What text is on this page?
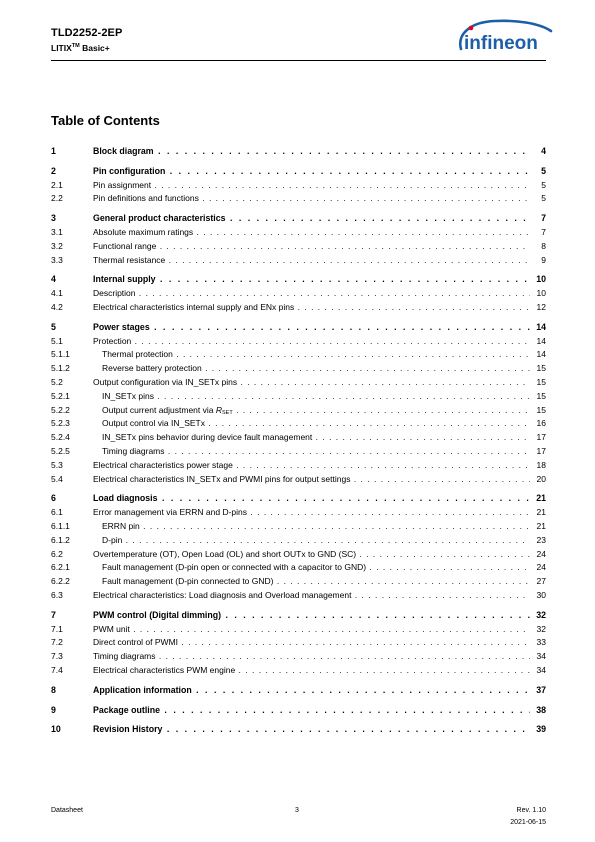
TLD2252-2EP
LITIX™ Basic+	infineon
Table of Contents
1	Block diagram . . .	4
2	Pin configuration . . .	5
2.1	Pin assignment . . .	5
2.2	Pin definitions and functions . . .	5
3	General product characteristics . . .	7
3.1	Absolute maximum ratings . . .	7
3.2	Functional range . . .	8
3.3	Thermal resistance . . .	9
4	Internal supply . . .	10
4.1	Description . . .	10
4.2	Electrical characteristics internal supply and ENx pins . . .	12
5	Power stages . . .	14
5.1	Protection . . .	14
5.1.1	Thermal protection . . .	14
5.1.2	Reverse battery protection . . .	15
5.2	Output configuration via IN_SETx pins . . .	15
5.2.1	IN_SETx pins . . .	15
5.2.2	Output current adjustment via RSET . . .	15
5.2.3	Output control via IN_SETx . . .	16
5.2.4	IN_SETx pins behavior during device fault management . . .	17
5.2.5	Timing diagrams . . .	17
5.3	Electrical characteristics power stage . . .	18
5.4	Electrical characteristics IN_SETx and PWMI pins for output settings . . .	20
6	Load diagnosis . . .	21
6.1	Error management via ERRN and D-pins . . .	21
6.1.1	ERRN pin . . .	21
6.1.2	D-pin . . .	23
6.2	Overtemperature (OT), Open Load (OL) and short OUTx to GND (SC) . . .	24
6.2.1	Fault management (D-pin open or connected with a capacitor to GND) . . .	24
6.2.2	Fault management (D-pin connected to GND) . . .	27
6.3	Electrical characteristics: Load diagnosis and Overload management . . .	30
7	PWM control (Digital dimming) . . .	32
7.1	PWM unit . . .	32
7.2	Direct control of PWMI . . .	33
7.3	Timing diagrams . . .	34
7.4	Electrical characteristics PWM engine . . .	34
8	Application information . . .	37
9	Package outline . . .	38
10	Revision History . . .	39
Datasheet	3	Rev. 1.10
2021-06-15
